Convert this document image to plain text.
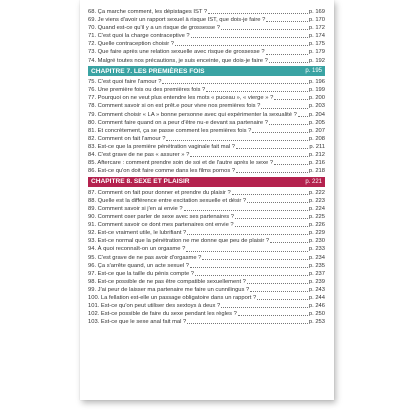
68. Ça marche comment, les dépistages IST ?	p. 169
69. Je viens d'avoir un rapport sexuel à risque IST, que dois-je faire ?	p. 170
70. Quand est-ce qu'il y a un risque de grossesse ?	p. 172
71. C'est quoi la charge contraceptive ?	p. 174
72. Quelle contraception choisir ?	p. 175
73. Que faire après une relation sexuelle avec risque de grossesse ?	p. 179
74. Malgré toutes nos précautions, je suis enceinte, que dois-je faire ?	p. 192
CHAPITRE 7. LES PREMIÈRES FOIS	p. 195
75. C'est quoi faire l'amour ?	p. 196
76. Une première fois ou des premières fois ?	p. 199
77. Pourquoi on ne veut plus entendre les mots « puceau », « vierge » ?	p. 200
78. Comment savoir si on est prêt.e pour vivre nos premières fois ?	p. 203
79. Comment choisir « LA » bonne personne avec qui expérimenter la sexualité ? p. 204
80. Comment faire quand on a peur d'être nu·e devant sa partenaire ?	p. 205
81. Et concrètement, ça se passe comment les premières fois ?	p. 207
82. Comment on fait l'amour ?	p. 208
83. Est-ce que la première pénétration vaginale fait mal ?	p. 211
84. C'est grave de ne pas « assurer » ?	p. 212
85. Aftercare : comment prendre soin de soi et de l'autre après le sexe ?	p. 216
86. Est-ce qu'on doit faire comme dans les films pornos ?	p. 218
CHAPITRE 8. SEXE ET PLAISIR	p. 221
87. Comment on fait pour donner et prendre du plaisir ?	p. 222
88. Quelle est la différence entre excitation sexuelle et désir ?	p. 223
89. Comment savoir si j'en ai envie ?	p. 224
90. Comment oser parler de sexe avec ses partenaires ?	p. 225
91. Comment savoir ce dont mes partenaires ont envie ?	p. 226
92. Est-ce vraiment utile, le lubrifiant ?	p. 229
93. Est-ce normal que la pénétration ne me donne que peu de plaisir ?	p. 230
94. À quoi reconnaît-on un orgasme ?	p. 233
95. C'est grave de ne pas avoir d'orgasme ?	p. 234
96. Ça s'arrête quand, un acte sexuel ?	p. 235
97. Est-ce que la taille du pénis compte ?	p. 237
98. Est-ce possible de ne pas être compatible sexuellement ?	p. 239
99. J'ai peur de laisser ma partenaire me faire un cunnilingus ?	p. 243
100. La fellation est-elle un passage obligatoire dans un rapport ?	p. 244
101. Est-ce qu'on peut utiliser des sextoys à deux ?	p. 246
102. Est-ce possible de faire du sexe pendant les règles ?	p. 250
103. Est-ce que le sexe anal fait mal ?	p. 253
